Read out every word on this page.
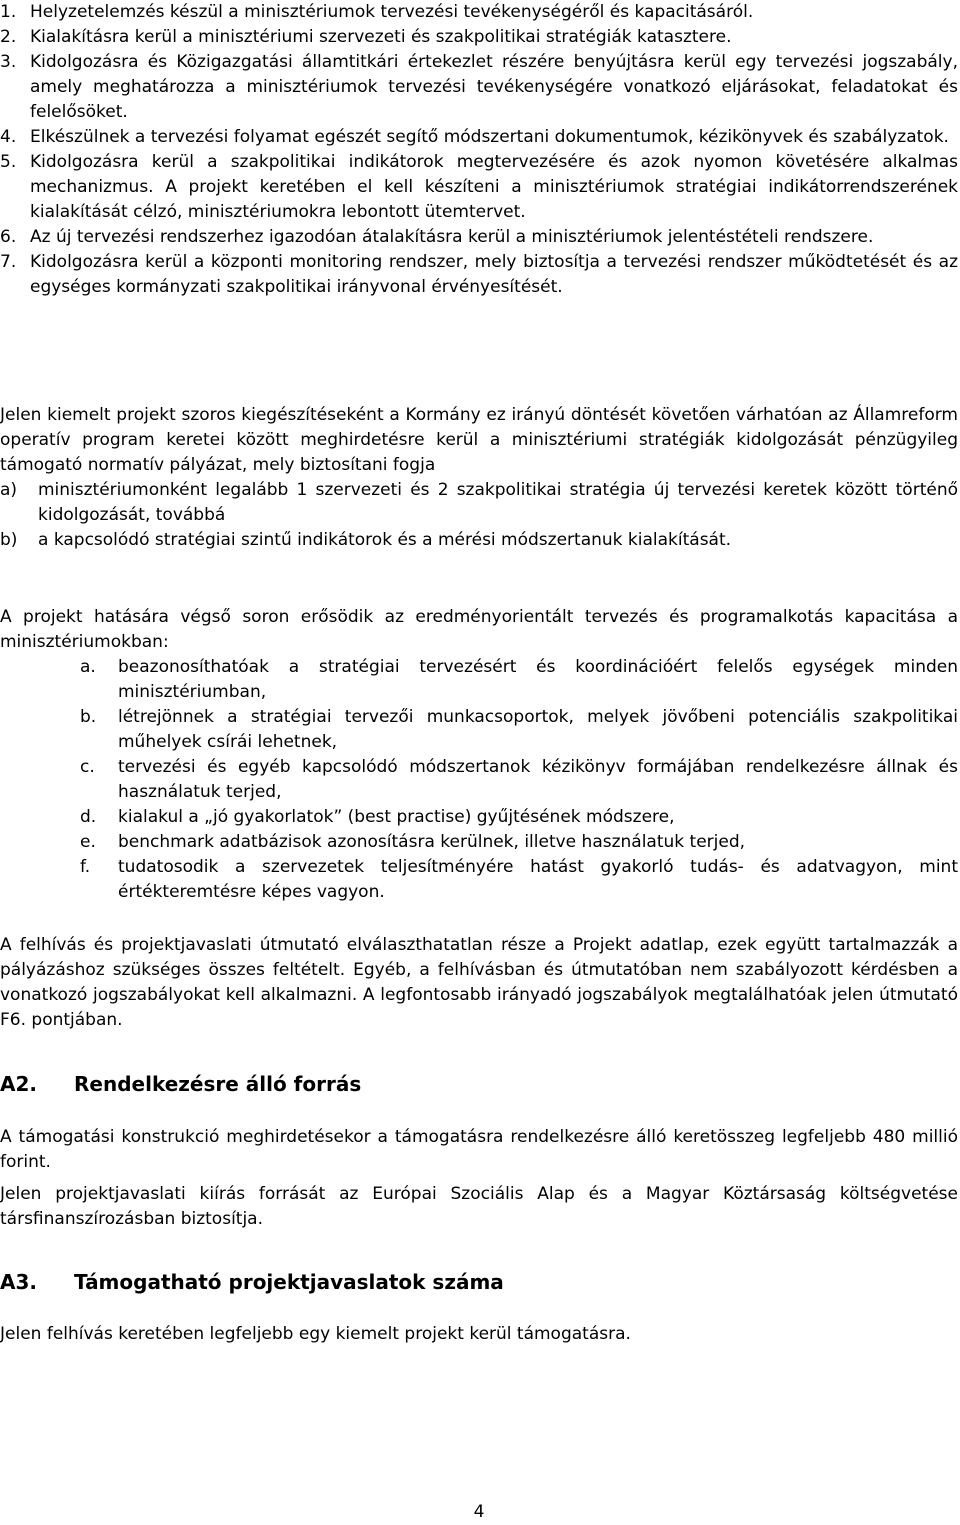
1. Helyzetelemzés készül a minisztériumok tervezési tevékenységéről és kapacitásáról.
2. Kialakításra kerül a minisztériumi szervezeti és szakpolitikai stratégiák katasztere.
3. Kidolgozásra és Közigazgatási államtitkári értekezlet részére benyújtásra kerül egy tervezési jogszabály, amely meghatározza a minisztériumok tervezési tevékenységére vonatkozó eljárásokat, feladatokat és felelősöket.
4. Elkészülnek a tervezési folyamat egészét segítő módszertani dokumentumok, kézikönyvek és szabályzatok.
5. Kidolgozásra kerül a szakpolitikai indikátorok megtervezésére és azok nyomon követésére alkalmas mechanizmus. A projekt keretében el kell készíteni a minisztériumok stratégiai indikátorrendszerének kialakítását célzó, minisztériumokra lebontott ütemtervet.
6. Az új tervezési rendszerhez igazodóan átalakításra kerül a minisztériumok jelentéstételi rendszere.
7. Kidolgozásra kerül a központi monitoring rendszer, mely biztosítja a tervezési rendszer működtetését és az egységes kormányzati szakpolitikai irányvonal érvényesítését.
Jelen kiemelt projekt szoros kiegészítéseként a Kormány ez irányú döntését követően várhatóan az Államreform operatív program keretei között meghirdetésre kerül a minisztériumi stratégiák kidolgozását pénzügyileg támogató normatív pályázat, mely biztosítani fogja
a)	minisztériumonként legalább 1 szervezeti és 2 szakpolitikai stratégia új tervezési keretek között történő kidolgozását, továbbá
b)	a kapcsolódó stratégiai szintű indikátorok és a mérési módszertanuk kialakítását.
A projekt hatására végső soron erősödik az eredményorientált tervezés és programalkotás kapacitása a minisztériumokban:
a.	beazonosíthatóak a stratégiai tervezésért és koordinációért felelős egységek minden minisztériumban,
b.	létrejönnek a stratégiai tervezői munkacsoportok, melyek jövőbeni potenciális szakpolitikai műhelyek csírái lehetnek,
c.	tervezési és egyéb kapcsolódó módszertanok kézikönyv formájában rendelkezésre állnak és használatuk terjed,
d.	kialakul a „jó gyakorlatok” (best practise) gyűjtésének módszere,
e.	benchmark adatbázisok azonosításra kerülnek, illetve használatuk terjed,
f.	tudatosodik a szervezetek teljesítményére hatást gyakorló tudás- és adatvagyon, mint értékteremtésre képes vagyon.
A felhívás és projektjavaslati útmutató elválaszthatatlan része a Projekt adatlap, ezek együtt tartalmazzák a pályázáshoz szükséges összes feltételt. Egyéb, a felhívásban és útmutatóban nem szabályozott kérdésben a vonatkozó jogszabályokat kell alkalmazni. A legfontosabb irányadó jogszabályok megtalálhatóak jelen útmutató F6. pontjában.
A2.	Rendelkezésre álló forrás
A támogatási konstrukció meghirdetésekor a támogatásra rendelkezésre álló keretösszeg legfeljebb 480 millió forint.
Jelen projektjavaslati kiírás forrását az Európai Szociális Alap és a Magyar Köztársaság költségvetése társfinanszírozásban biztosítja.
A3.	Támogatható projektjavaslatok száma
Jelen felhívás keretében legfeljebb egy kiemelt projekt kerül támogatásra.
4
